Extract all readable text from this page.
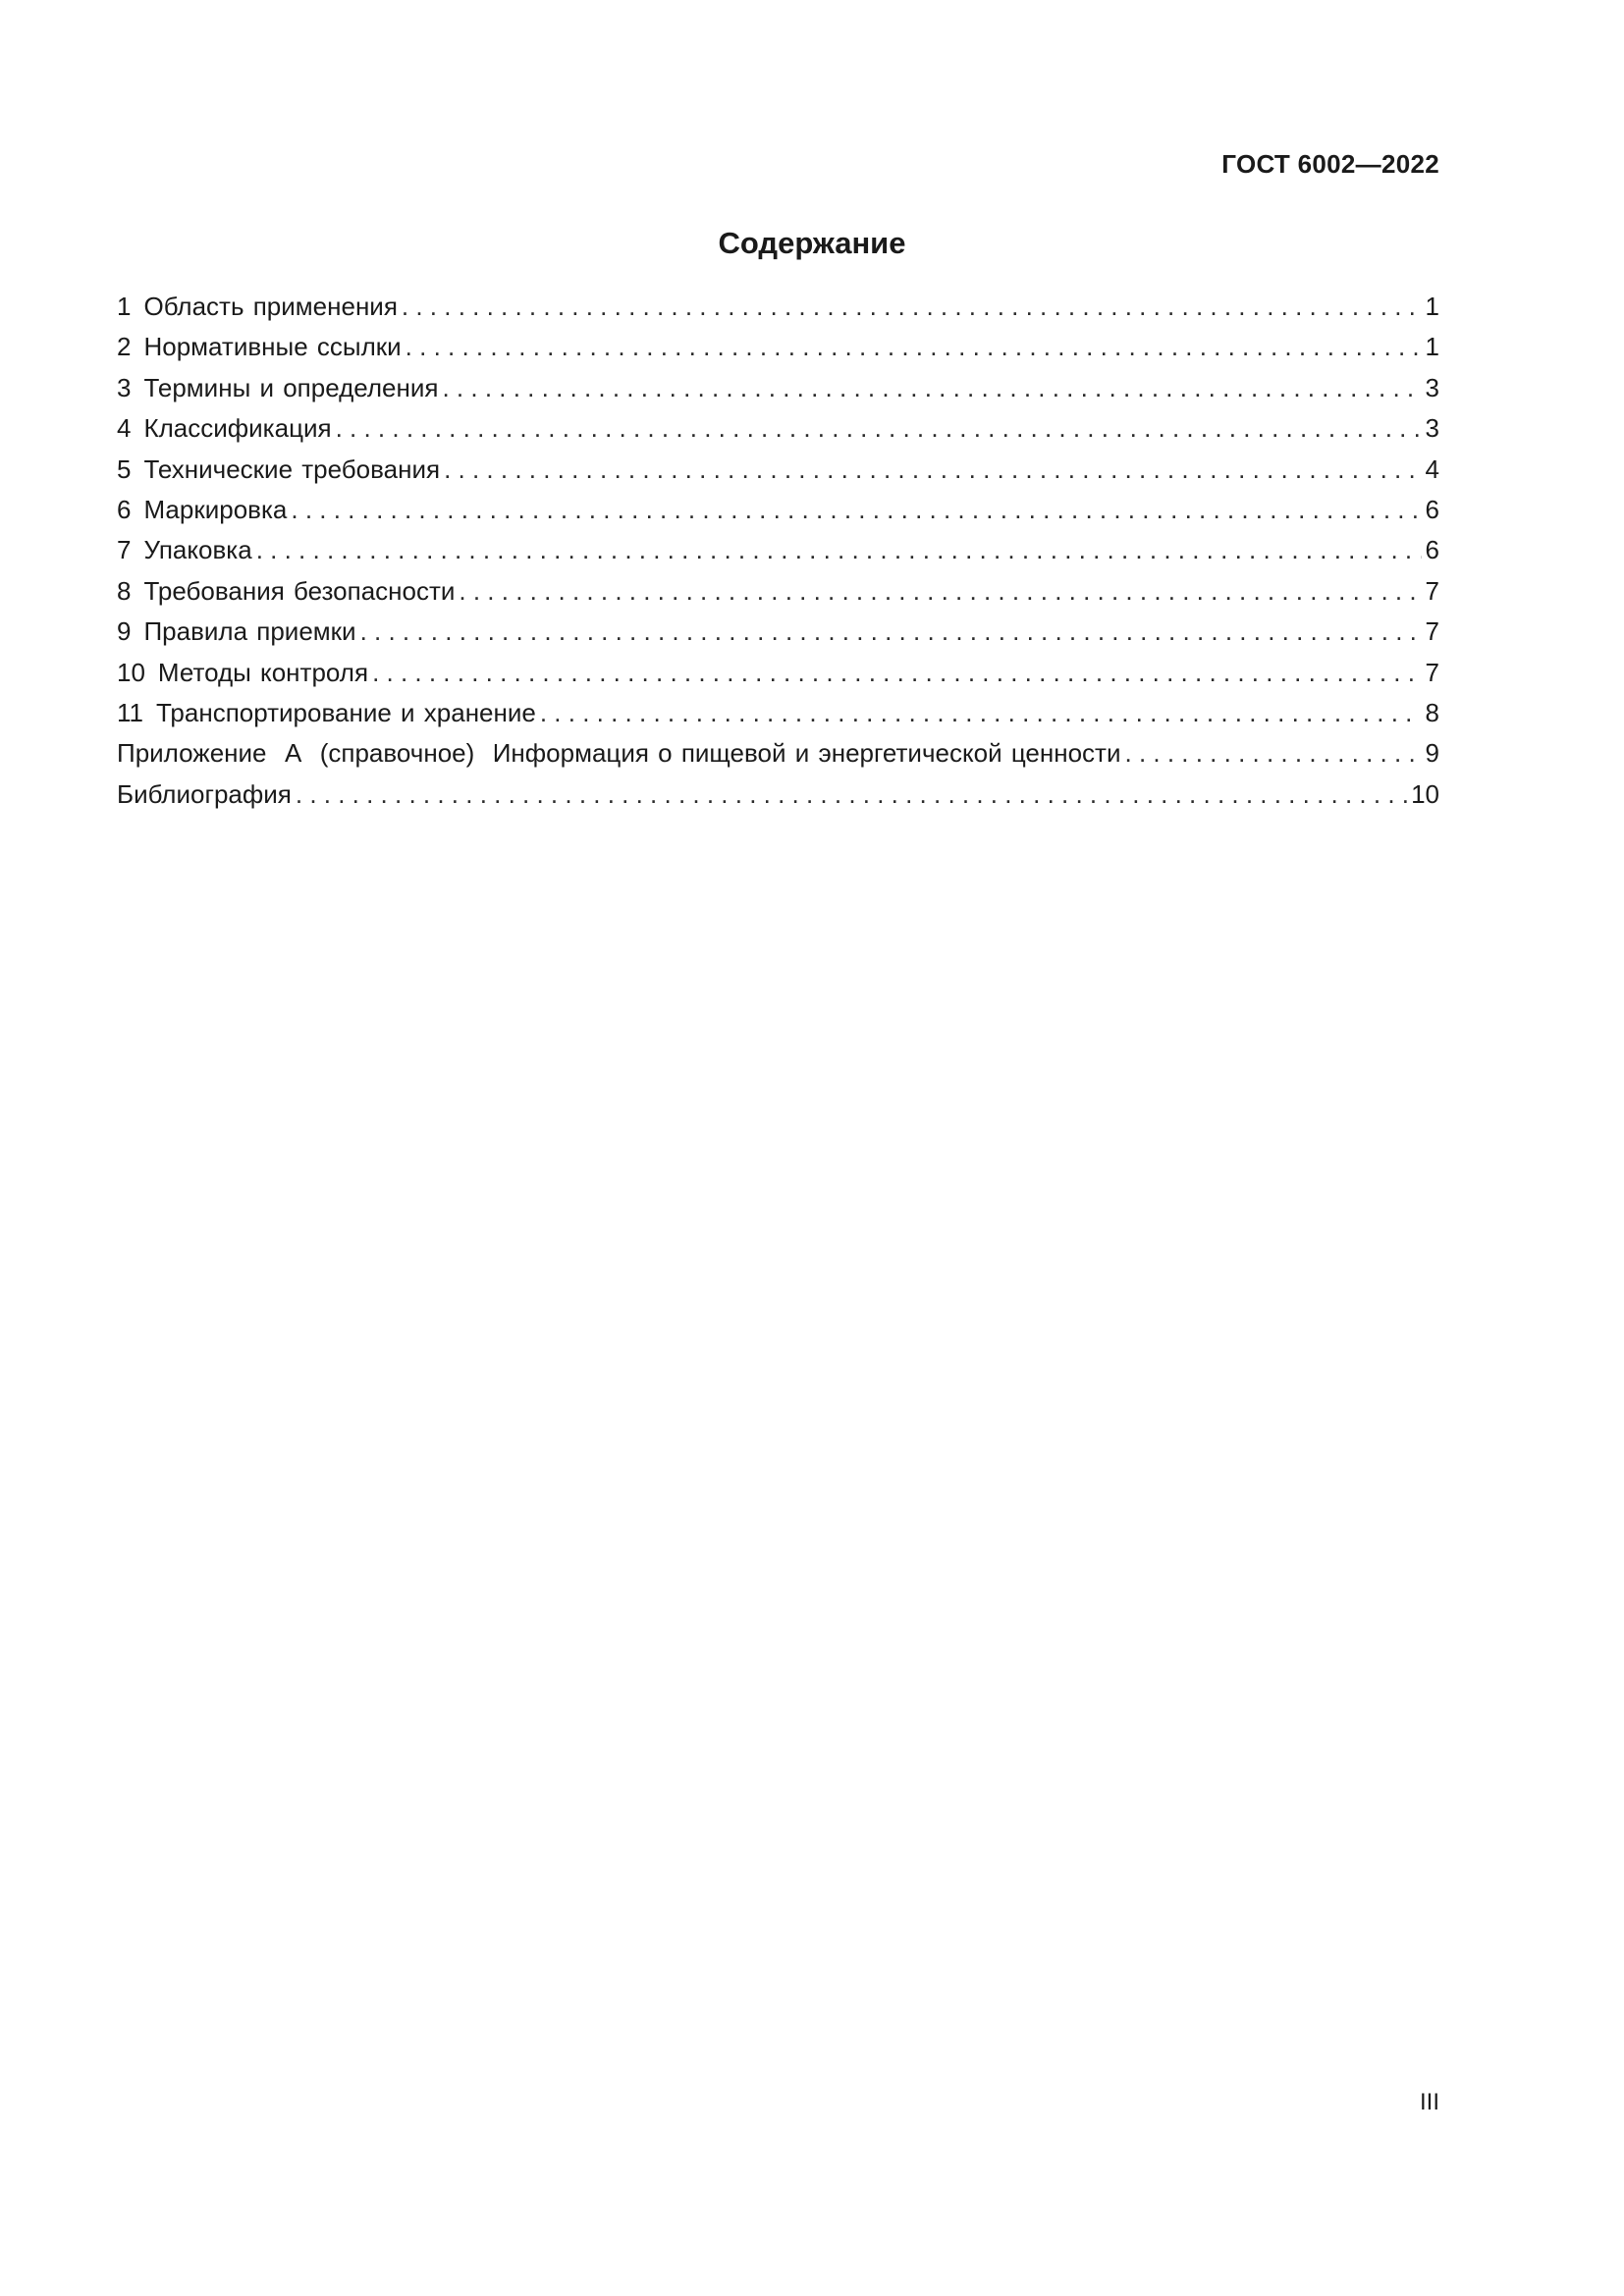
ГОСТ 6002—2022
Содержание
1 Область применения . . .	1
2 Нормативные ссылки . . .	1
3 Термины и определения . . .	3
4 Классификация . . .	3
5 Технические требования . . .	4
6 Маркировка . . .	6
7 Упаковка . . .	6
8 Требования безопасности . . .	7
9 Правила приемки . . .	7
10 Методы контроля . . .	7
11 Транспортирование и хранение . . .	8
Приложение  А  (справочное)  Информация о пищевой и энергетической ценности . . .	9
Библиография . . .	10
III
